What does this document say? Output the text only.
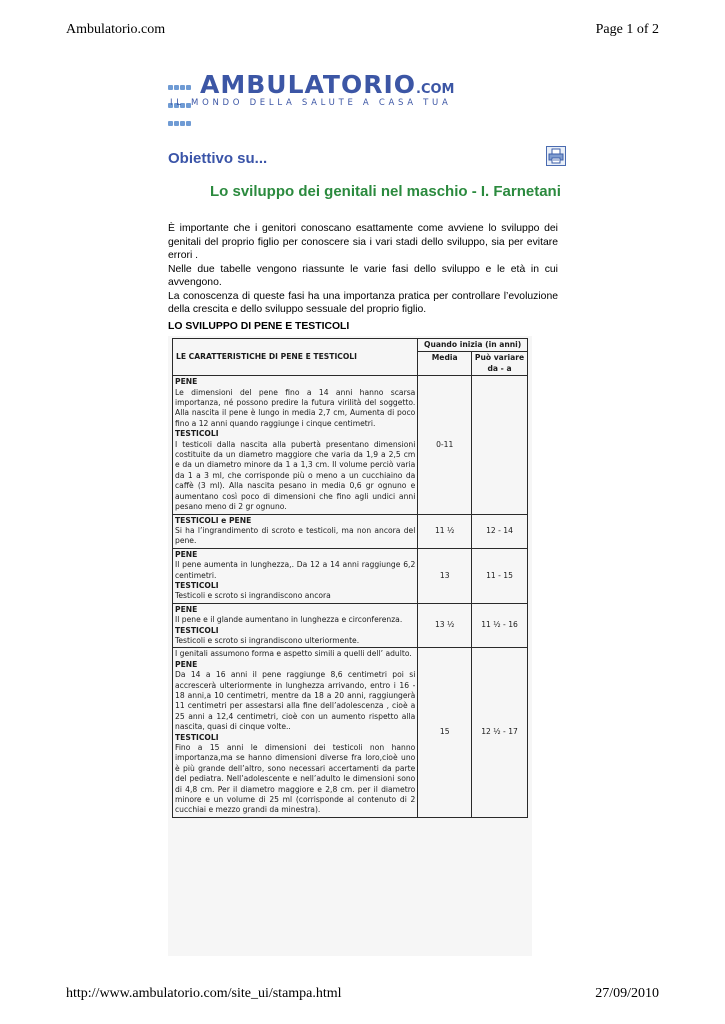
Ambulatorio.com	Page 1 of 2

AMBULATORIO.COM
IL MONDO DELLA SALUTE A CASA TUA
Obiettivo su...
Lo sviluppo dei genitali nel maschio - I. Farnetani

È importante che i genitori conoscano esattamente come avviene lo sviluppo dei genitali del proprio figlio per conoscere sia i vari stadi dello sviluppo, sia per evitare errori .

Nelle due tabelle vengono riassunte le varie fasi dello sviluppo e le età in cui avvengono.

La conoscenza di queste fasi ha una importanza pratica per controllare l’evoluzione della crescita e dello sviluppo sessuale del proprio figlio.

LO SVILUPPO DI PENE E TESTICOLI
LE CARATTERISTICHE DI PENE E TESTICOLI	Quando inizia (in anni)	
	Media	Può variare da - a
PENE
Le dimensioni del pene fino a 14 anni hanno scarsa importanza, né possono predire la futura virilità del soggetto. Alla nascita il pene è lungo in media 2,7 cm, Aumenta di poco fino a 12 anni quando raggiunge i cinque centimetri.
TESTICOLI
I testicoli dalla nascita alla pubertà presentano dimensioni costituite da un diametro maggiore che varia da 1,9 a 2,5 cm e da un diametro minore da 1 a 1,3 cm. Il volume perciò varia da 1 a 3 ml, che corrisponde più o meno a un cucchiaino da caffè (3 ml). Alla nascita pesano in media 0,6 gr ognuno e aumentano così poco di dimensioni che fino agli undici anni pesano meno di 2 gr ognuno.	0-11	
TESTICOLI e PENE
Si ha l’ingrandimento di scroto e testicoli, ma non ancora del pene.	11 ½	12 - 14
PENE
Il pene aumenta in lunghezza,. Da 12 a 14 anni raggiunge 6,2 centimetri.
TESTICOLI
Testicoli e scroto si ingrandiscono ancora	13	11 - 15
PENE
Il pene e il glande aumentano in lunghezza e circonferenza.
TESTICOLI
Testicoli e scroto si ingrandiscono ulteriormente.	13 ½	11 ½ - 16
I genitali assumono forma e aspetto simili a quelli dell’ adulto.
PENE
Da 14 a 16 anni il pene raggiunge 8,6 centimetri poi si accrescerà ulteriormente in lunghezza arrivando, entro i 16 - 18 anni,a 10 centimetri, mentre da 18 a 20 anni, raggiungerà 11 centimetri per assestarsi alla fine dell’adolescenza , cioè a 25 anni a 12,4 centimetri, cioè con un aumento rispetto alla nascita, quasi di cinque volte..
TESTICOLI
Fino a 15 anni le dimensioni dei testicoli non hanno importanza,ma se hanno dimensioni diverse fra loro,cioè uno è più grande dell’altro, sono necessari accertamenti da parte del pediatra. Nell’adolescente e nell’adulto le dimensioni sono di 4,8 cm. Per il diametro maggiore e 2,8 cm. per il diametro minore e un volume di 25 ml (corrisponde al contenuto di 2 cucchiai e mezzo grandi da minestra).	15	12 ½ - 17
http://www.ambulatorio.com/site_ui/stampa.html	27/09/2010
